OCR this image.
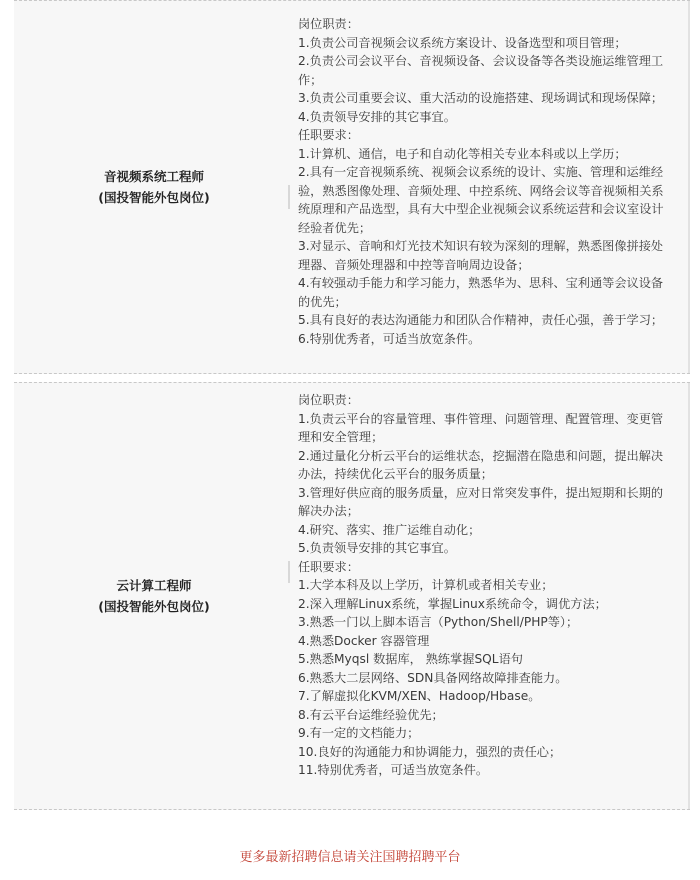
音视频系统工程师
(国投智能外包岗位)
岗位职责：
1.负责公司音视频会议系统方案设计、设备选型和项目管理；
2.负责公司会议平台、音视频设备、会议设备等各类设施运维管理工
作；
3.负责公司重要会议、重大活动的设施搭建、现场调试和现场保障；
4.负责领导安排的其它事宜。
任职要求：
1.计算机、通信，电子和自动化等相关专业本科或以上学历；
2.具有一定音视频系统、视频会议系统的设计、实施、管理和运维经
验，熟悉图像处理、音频处理、中控系统、网络会议等音视频相关系
统原理和产品选型，具有大中型企业视频会议系统运营和会议室设计
经验者优先；
3.对显示、音响和灯光技术知识有较为深刻的理解，熟悉图像拼接处
理器、音频处理器和中控等音响周边设备；
4.有较强动手能力和学习能力，熟悉华为、思科、宝利通等会议设备
的优先；
5.具有良好的表达沟通能力和团队合作精神，责任心强，善于学习；
6.特别优秀者，可适当放宽条件。
云计算工程师
(国投智能外包岗位)
岗位职责：
1.负责云平台的容量管理、事件管理、问题管理、配置管理、变更管
理和安全管理；
2.通过量化分析云平台的运维状态，挖掘潜在隐患和问题，提出解决
办法，持续优化云平台的服务质量；
3.管理好供应商的服务质量，应对日常突发事件，提出短期和长期的
解决办法；
4.研究、落实、推广运维自动化；
5.负责领导安排的其它事宜。
任职要求：
1.大学本科及以上学历，计算机或者相关专业；
2.深入理解Linux系统，掌握Linux系统命令，调优方法；
3.熟悉一门以上脚本语言（Python/Shell/PHP等）；
4.熟悉Docker 容器管理
5.熟悉Myqsl 数据库， 熟练掌握SQL语句
6.熟悉大二层网络、SDN具备网络故障排查能力。
7.了解虚拟化KVM/XEN、Hadoop/Hbase。
8.有云平台运维经验优先；
9.有一定的文档能力；
10.良好的沟通能力和协调能力，强烈的责任心；
11.特别优秀者，可适当放宽条件。
更多最新招聘信息请关注国聘招聘平台
